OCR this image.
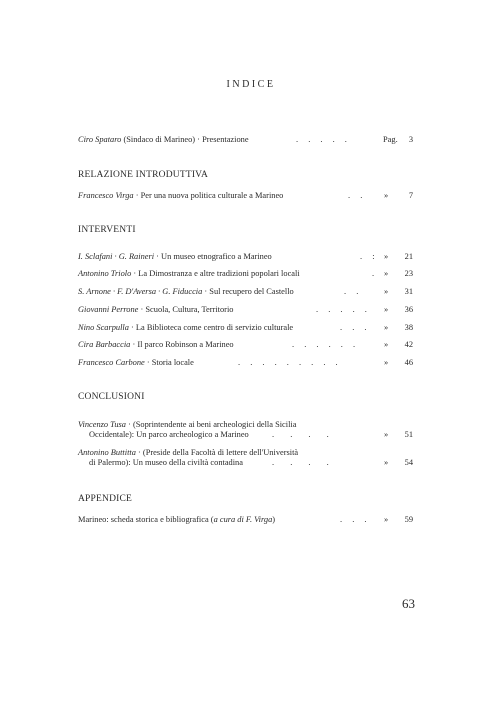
INDICE
Ciro Spataro (Sindaco di Marineo) · Presentazione	. . . . .	Pag. 3
RELAZIONE INTRODUTTIVA
Francesco Virga · Per una nuova politica culturale a Marineo	. . » 7
INTERVENTI
I. Sclafani · G. Raineri · Un museo etnografico a Marineo	. : » 21
Antonino Triolo · La Dimostranza e altre tradizioni popolari locali	. » 23
S. Arnone · F. D'Aversa · G. Fiduccia · Sul recupero del Castello	. .	» 31
Giovanni Perrone · Scuola, Cultura, Territorio	. . . . . » 36
Nino Scarpulla · La Biblioteca come centro di servizio culturale	. . . » 38
Cira Barbaccia · Il parco Robinson a Marineo	. . . . . .	» 42
Francesco Carbone · Storia locale	. . . . . . . . .	» 46
CONCLUSIONI
Vincenzo Tusa · (Soprintendente ai beni archeologici della Sicilia
Occidentale): Un parco archeologico a Marineo	. . . .	» 51
Antonino Buttitta · (Preside della Facoltà di lettere dell'Università
di Palermo): Un museo della civiltà contadina	. . . .	» 54
APPENDICE
Marineo: scheda storica e bibliografica (a cura di F. Virga)	. . . » 59
63
